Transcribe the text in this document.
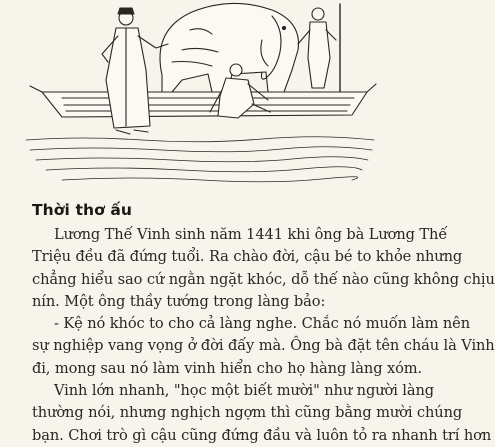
Thời thơ ấu
Lương Thế Vinh sinh năm 1441 khi ông bà Lương Thế
Triệu đều đã đứng tuổi. Ra chào đời, cậu bé to khỏe nhưng
chẳng hiểu sao cứ ngằn ngặt khóc, dỗ thế nào cũng không chịu
nín. Một ông thầy tướng trong làng bảo:
- Kệ nó khóc to cho cả làng nghe. Chắc nó muốn làm nên
sự nghiệp vang vọng ở đời đấy mà. Ông bà đặt tên cháu là Vinh
đi, mong sau nó làm vinh hiển cho họ hàng làng xóm.
Vinh lớn nhanh, "học một biết mười" như người làng
thường nói, nhưng nghịch ngợm thì cũng bằng mười chúng
bạn. Chơi trò gì cậu cũng đứng đầu và luôn tỏ ra nhanh trí hơn
